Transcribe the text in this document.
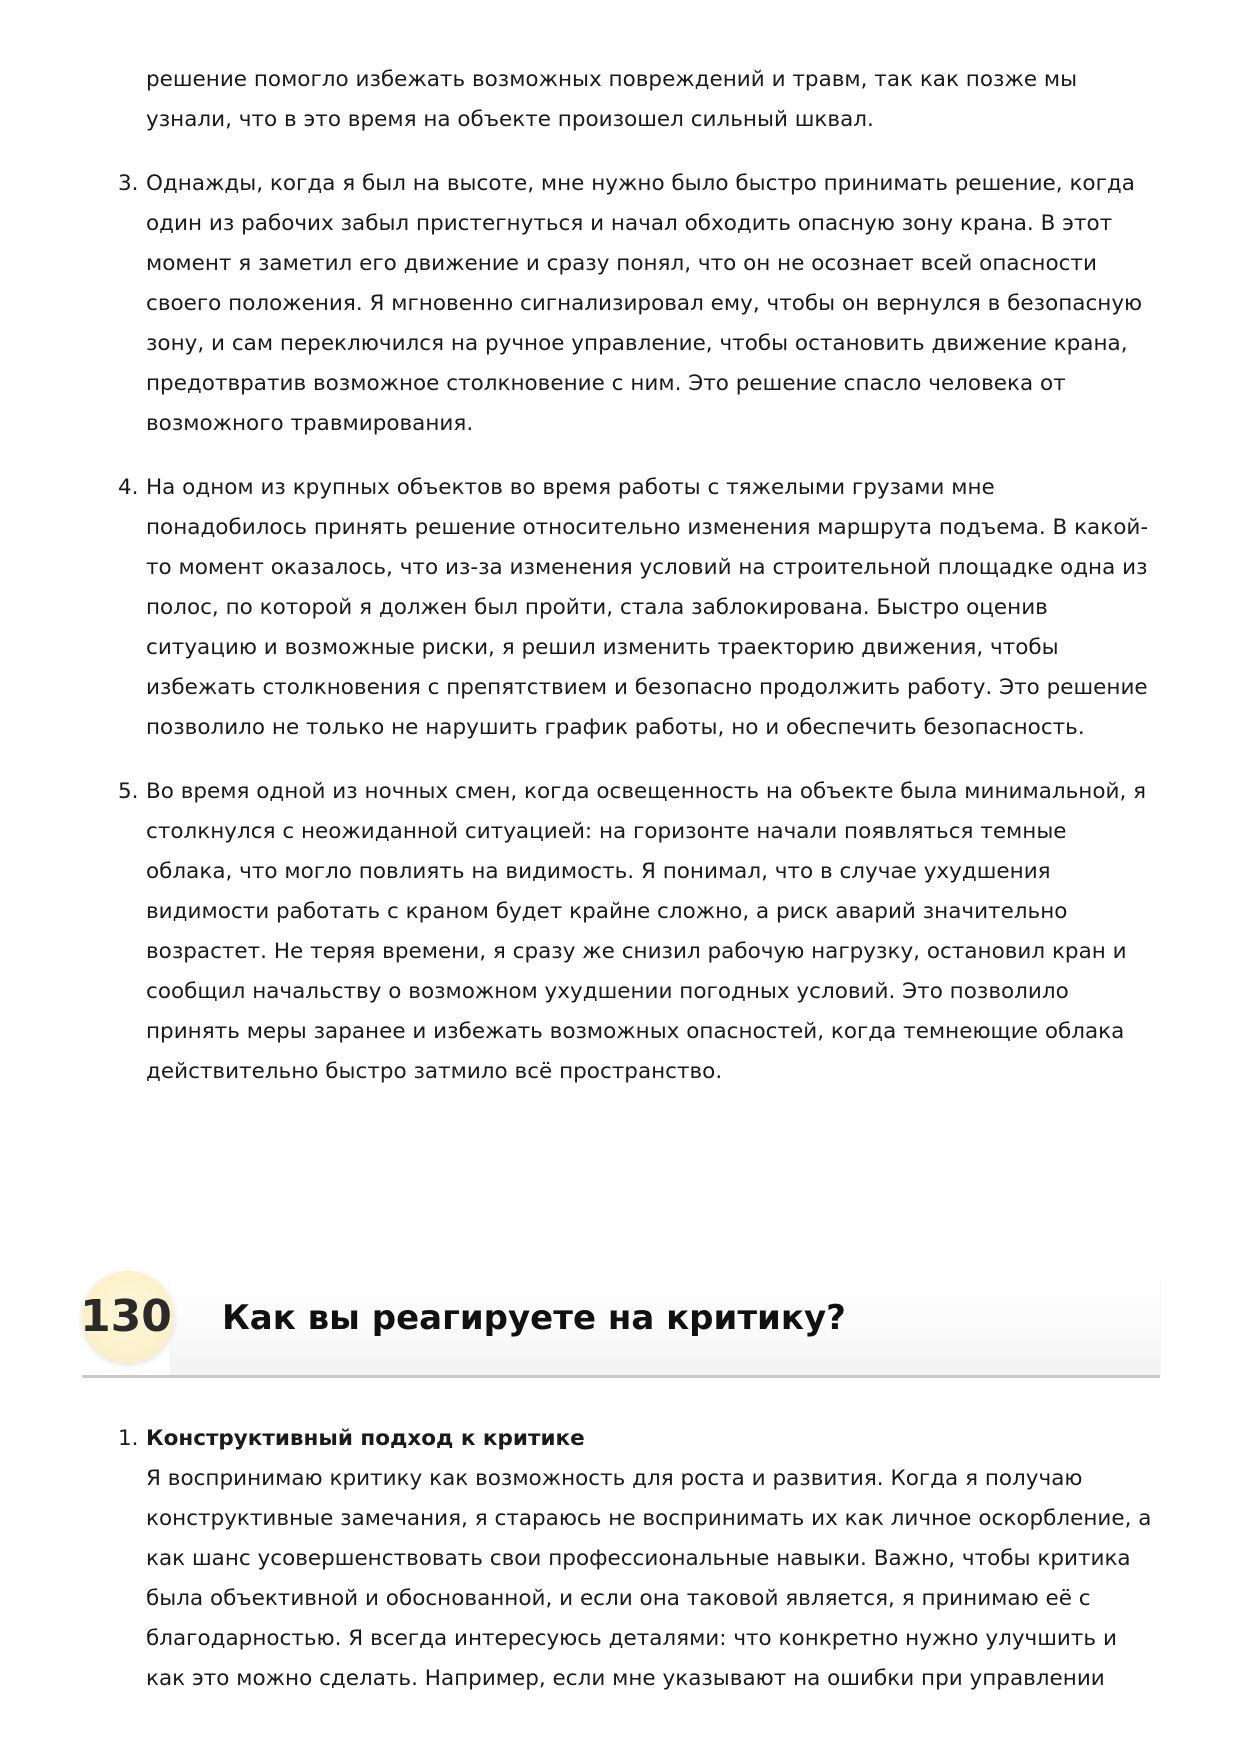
решение помогло избежать возможных повреждений и травм, так как позже мы узнали, что в это время на объекте произошел сильный шквал.
3. Однажды, когда я был на высоте, мне нужно было быстро принимать решение, когда один из рабочих забыл пристегнуться и начал обходить опасную зону крана. В этот момент я заметил его движение и сразу понял, что он не осознает всей опасности своего положения. Я мгновенно сигнализировал ему, чтобы он вернулся в безопасную зону, и сам переключился на ручное управление, чтобы остановить движение крана, предотвратив возможное столкновение с ним. Это решение спасло человека от возможного травмирования.
4. На одном из крупных объектов во время работы с тяжелыми грузами мне понадобилось принять решение относительно изменения маршрута подъема. В какой-то момент оказалось, что из-за изменения условий на строительной площадке одна из полос, по которой я должен был пройти, стала заблокирована. Быстро оценив ситуацию и возможные риски, я решил изменить траекторию движения, чтобы избежать столкновения с препятствием и безопасно продолжить работу. Это решение позволило не только не нарушить график работы, но и обеспечить безопасность.
5. Во время одной из ночных смен, когда освещенность на объекте была минимальной, я столкнулся с неожиданной ситуацией: на горизонте начали появляться темные облака, что могло повлиять на видимость. Я понимал, что в случае ухудшения видимости работать с краном будет крайне сложно, а риск аварий значительно возрастет. Не теряя времени, я сразу же снизил рабочую нагрузку, остановил кран и сообщил начальству о возможном ухудшении погодных условий. Это позволило принять меры заранее и избежать возможных опасностей, когда темнеющие облака действительно быстро затмило всё пространство.
130 Как вы реагируете на критику?
1. Конструктивный подход к критике
Я воспринимаю критику как возможность для роста и развития. Когда я получаю конструктивные замечания, я стараюсь не воспринимать их как личное оскорбление, а как шанс усовершенствовать свои профессиональные навыки. Важно, чтобы критика была объективной и обоснованной, и если она таковой является, я принимаю её с благодарностью. Я всегда интересуюсь деталями: что конкретно нужно улучшить и как это можно сделать. Например, если мне указывают на ошибки при управлении
